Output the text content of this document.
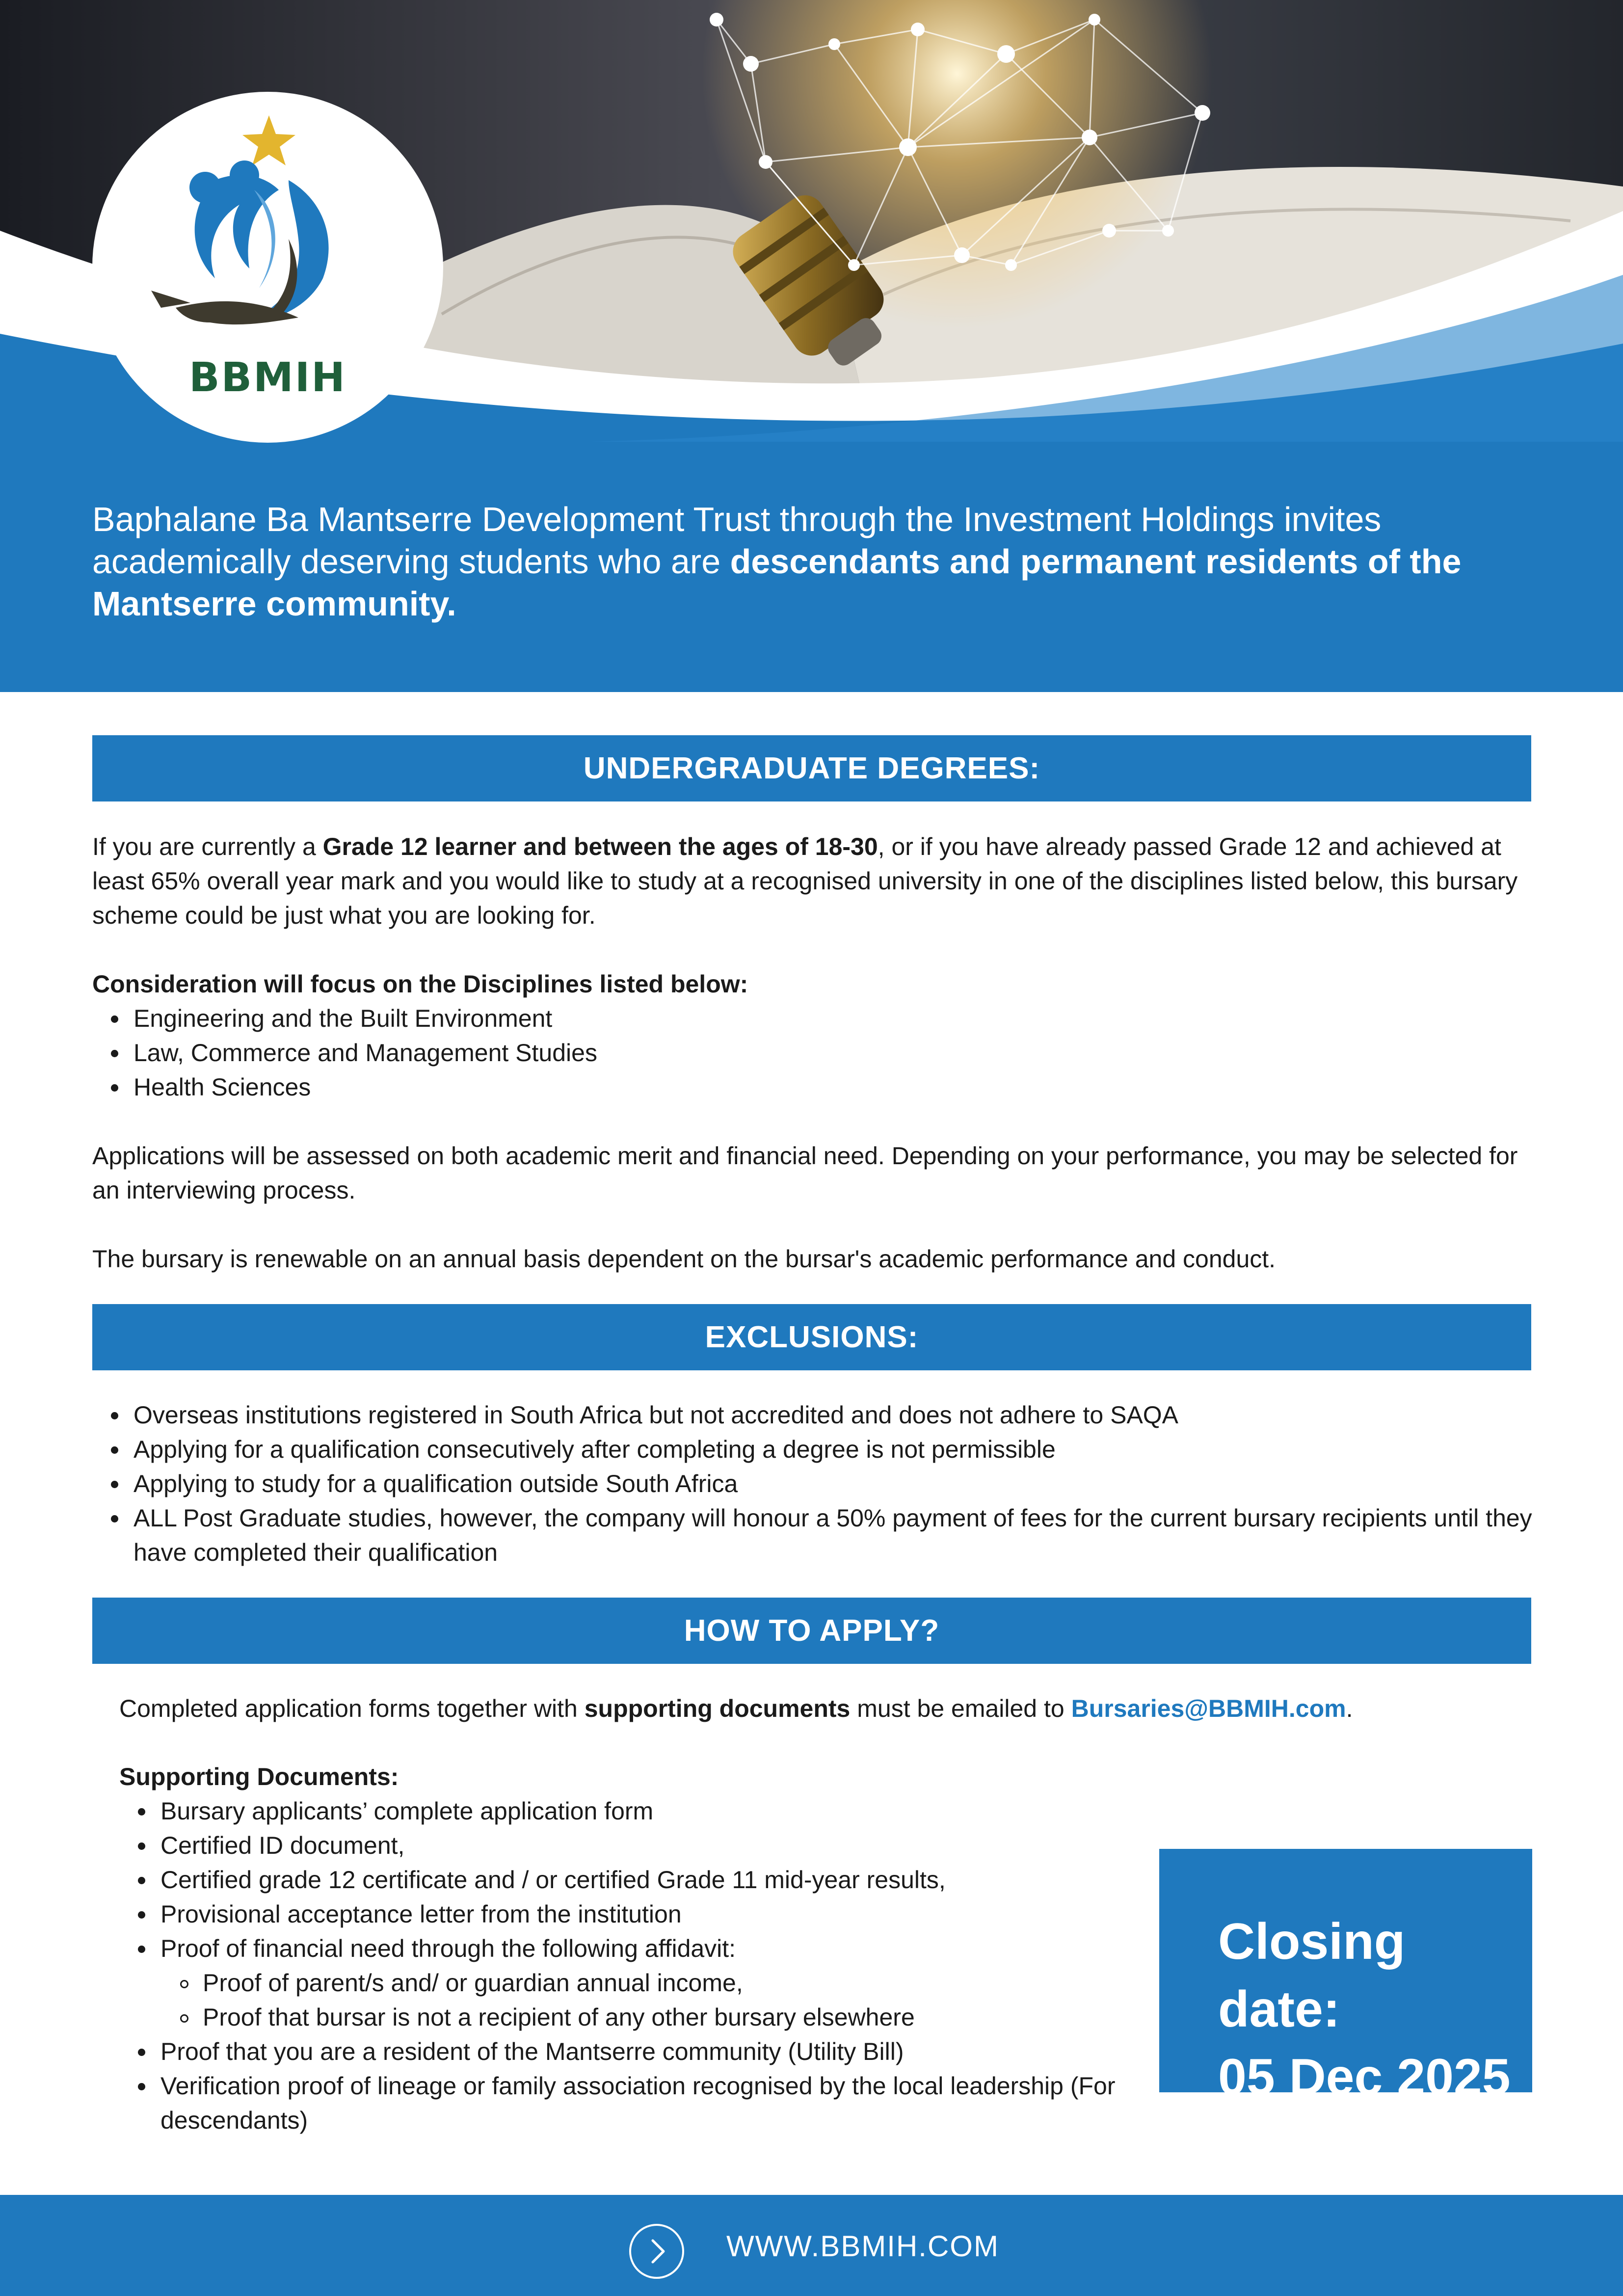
BBMIH
Baphalane Ba Mantserre Development Trust through the Investment Holdings invites academically deserving students who are descendants and permanent residents of the Mantserre community.
UNDERGRADUATE DEGREES:
If you are currently a Grade 12 learner and between the ages of 18-30, or if you have already passed Grade 12 and achieved at least 65% overall year mark and you would like to study at a recognised university in one of the disciplines listed below, this bursary scheme could be just what you are looking for.
Consideration will focus on the Disciplines listed below:
Engineering and the Built Environment
Law, Commerce and Management Studies
Health Sciences
Applications will be assessed on both academic merit and financial need. Depending on your performance, you may be selected for an interviewing process.
The bursary is renewable on an annual basis dependent on the bursar's academic performance and conduct.
EXCLUSIONS:
Overseas institutions registered in South Africa but not accredited and does not adhere to SAQA
Applying for a qualification consecutively after completing a degree is not permissible
Applying to study for a qualification outside South Africa
ALL Post Graduate studies, however, the company will honour a 50% payment of fees for the current bursary recipients until they have completed their qualification
HOW TO APPLY?
Completed application forms together with supporting documents must be emailed to Bursaries@BBMIH.com.
Supporting Documents:
Bursary applicants’ complete application form
Certified ID document,
Certified grade 12 certificate and / or certified Grade 11 mid-year results,
Provisional acceptance letter from the institution
Proof of financial need through the following affidavit:
Proof of parent/s and/ or guardian annual income,
Proof that bursar is not a recipient of any other bursary elsewhere
Proof that you are a resident of the Mantserre community (Utility Bill)
Verification proof of lineage or family association recognised by the local leadership (For descendants)
Closing date:
05 Dec 2025
WWW.BBMIH.COM
